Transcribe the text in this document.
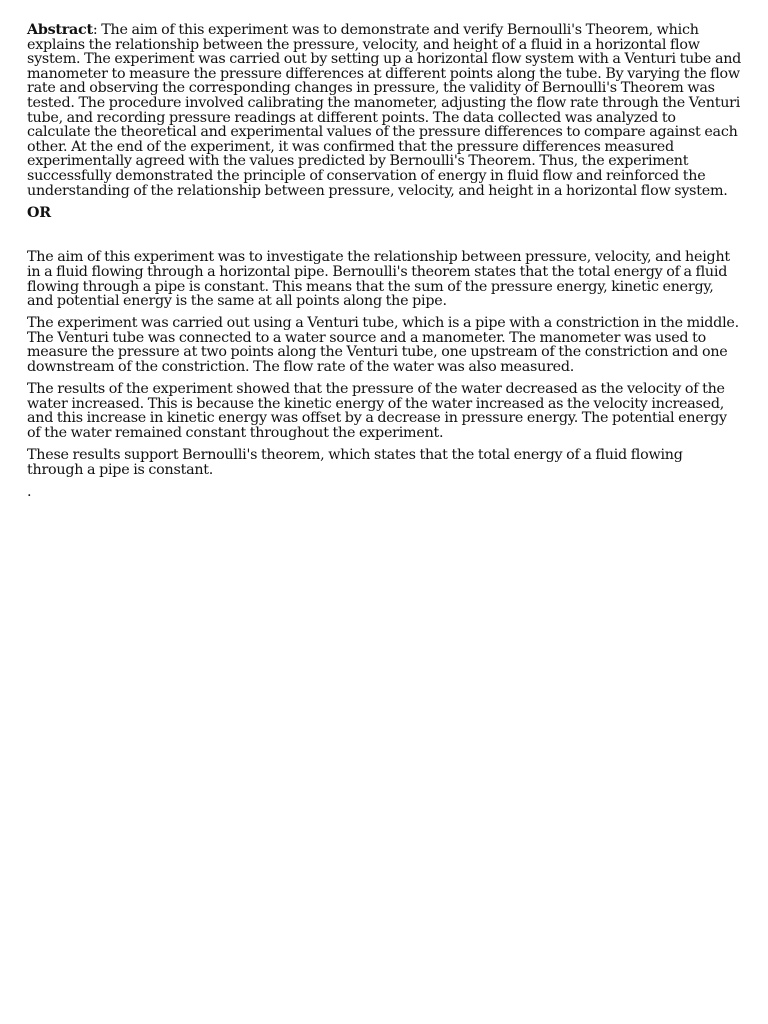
Abstract: The aim of this experiment was to demonstrate and verify Bernoulli's Theorem, which explains the relationship between the pressure, velocity, and height of a fluid in a horizontal flow system. The experiment was carried out by setting up a horizontal flow system with a Venturi tube and manometer to measure the pressure differences at different points along the tube. By varying the flow rate and observing the corresponding changes in pressure, the validity of Bernoulli's Theorem was tested. The procedure involved calibrating the manometer, adjusting the flow rate through the Venturi tube, and recording pressure readings at different points. The data collected was analyzed to calculate the theoretical and experimental values of the pressure differences to compare against each other. At the end of the experiment, it was confirmed that the pressure differences measured experimentally agreed with the values predicted by Bernoulli's Theorem. Thus, the experiment successfully demonstrated the principle of conservation of energy in fluid flow and reinforced the understanding of the relationship between pressure, velocity, and height in a horizontal flow system.

OR

The aim of this experiment was to investigate the relationship between pressure, velocity, and height in a fluid flowing through a horizontal pipe. Bernoulli's theorem states that the total energy of a fluid flowing through a pipe is constant. This means that the sum of the pressure energy, kinetic energy, and potential energy is the same at all points along the pipe.

The experiment was carried out using a Venturi tube, which is a pipe with a constriction in the middle. The Venturi tube was connected to a water source and a manometer. The manometer was used to measure the pressure at two points along the Venturi tube, one upstream of the constriction and one downstream of the constriction. The flow rate of the water was also measured.

The results of the experiment showed that the pressure of the water decreased as the velocity of the water increased. This is because the kinetic energy of the water increased as the velocity increased, and this increase in kinetic energy was offset by a decrease in pressure energy. The potential energy of the water remained constant throughout the experiment.

These results support Bernoulli's theorem, which states that the total energy of a fluid flowing through a pipe is constant.

.
